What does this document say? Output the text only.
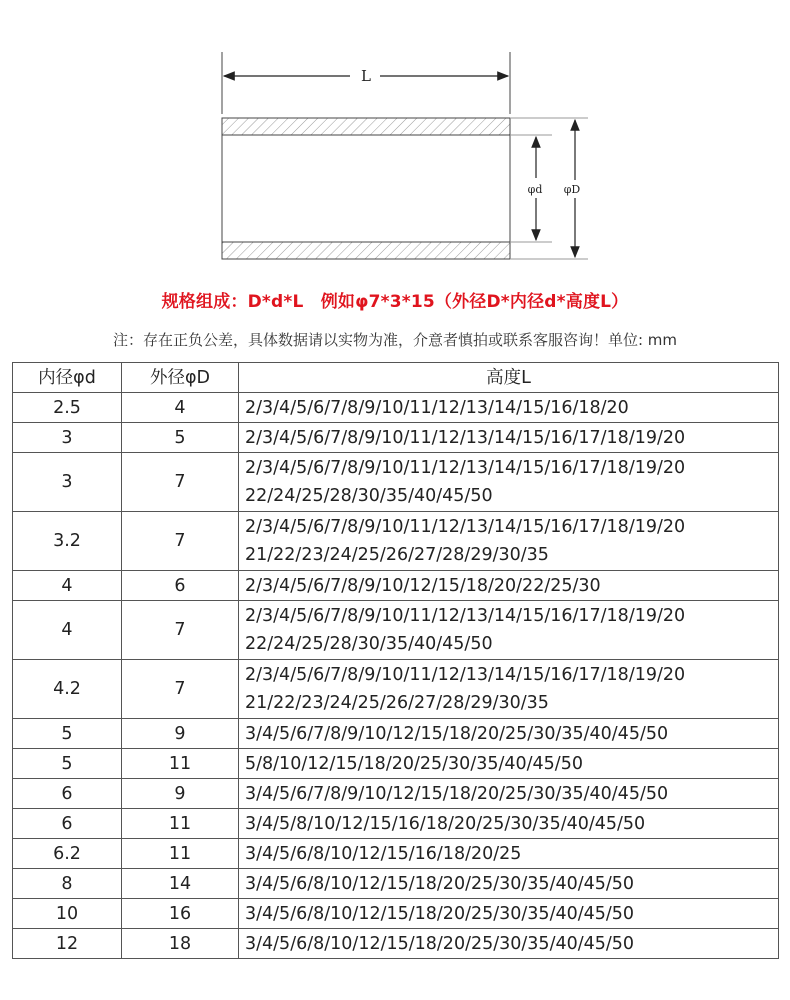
L
φd φD
规格组成：D*d*L　例如φ7*3*15（外径D*内径d*高度L）
注：存在正负公差，具体数据请以实物为准，介意者慎拍或联系客服咨询！单位: mm
内径φd	外径φD	高度L
2.5	4	2/3/4/5/6/7/8/9/10/11/12/13/14/15/16/18/20

3	5	2/3/4/5/6/7/8/9/10/11/12/13/14/15/16/17/18/19/20

3	7	2/3/4/5/6/7/8/9/10/11/12/13/14/15/16/17/18/19/20
22/24/25/28/30/35/40/45/50

3.2	7	2/3/4/5/6/7/8/9/10/11/12/13/14/15/16/17/18/19/20
21/22/23/24/25/26/27/28/29/30/35

4	6	2/3/4/5/6/7/8/9/10/12/15/18/20/22/25/30

4	7	2/3/4/5/6/7/8/9/10/11/12/13/14/15/16/17/18/19/20
22/24/25/28/30/35/40/45/50

4.2	7	2/3/4/5/6/7/8/9/10/11/12/13/14/15/16/17/18/19/20
21/22/23/24/25/26/27/28/29/30/35

5	9	3/4/5/6/7/8/9/10/12/15/18/20/25/30/35/40/45/50

5	11	5/8/10/12/15/18/20/25/30/35/40/45/50

6	9	3/4/5/6/7/8/9/10/12/15/18/20/25/30/35/40/45/50

6	11	3/4/5/8/10/12/15/16/18/20/25/30/35/40/45/50

6.2	11	3/4/5/6/8/10/12/15/16/18/20/25

8	14	3/4/5/6/8/10/12/15/18/20/25/30/35/40/45/50

10	16	3/4/5/6/8/10/12/15/18/20/25/30/35/40/45/50

12	18	3/4/5/6/8/10/12/15/18/20/25/30/35/40/45/50
